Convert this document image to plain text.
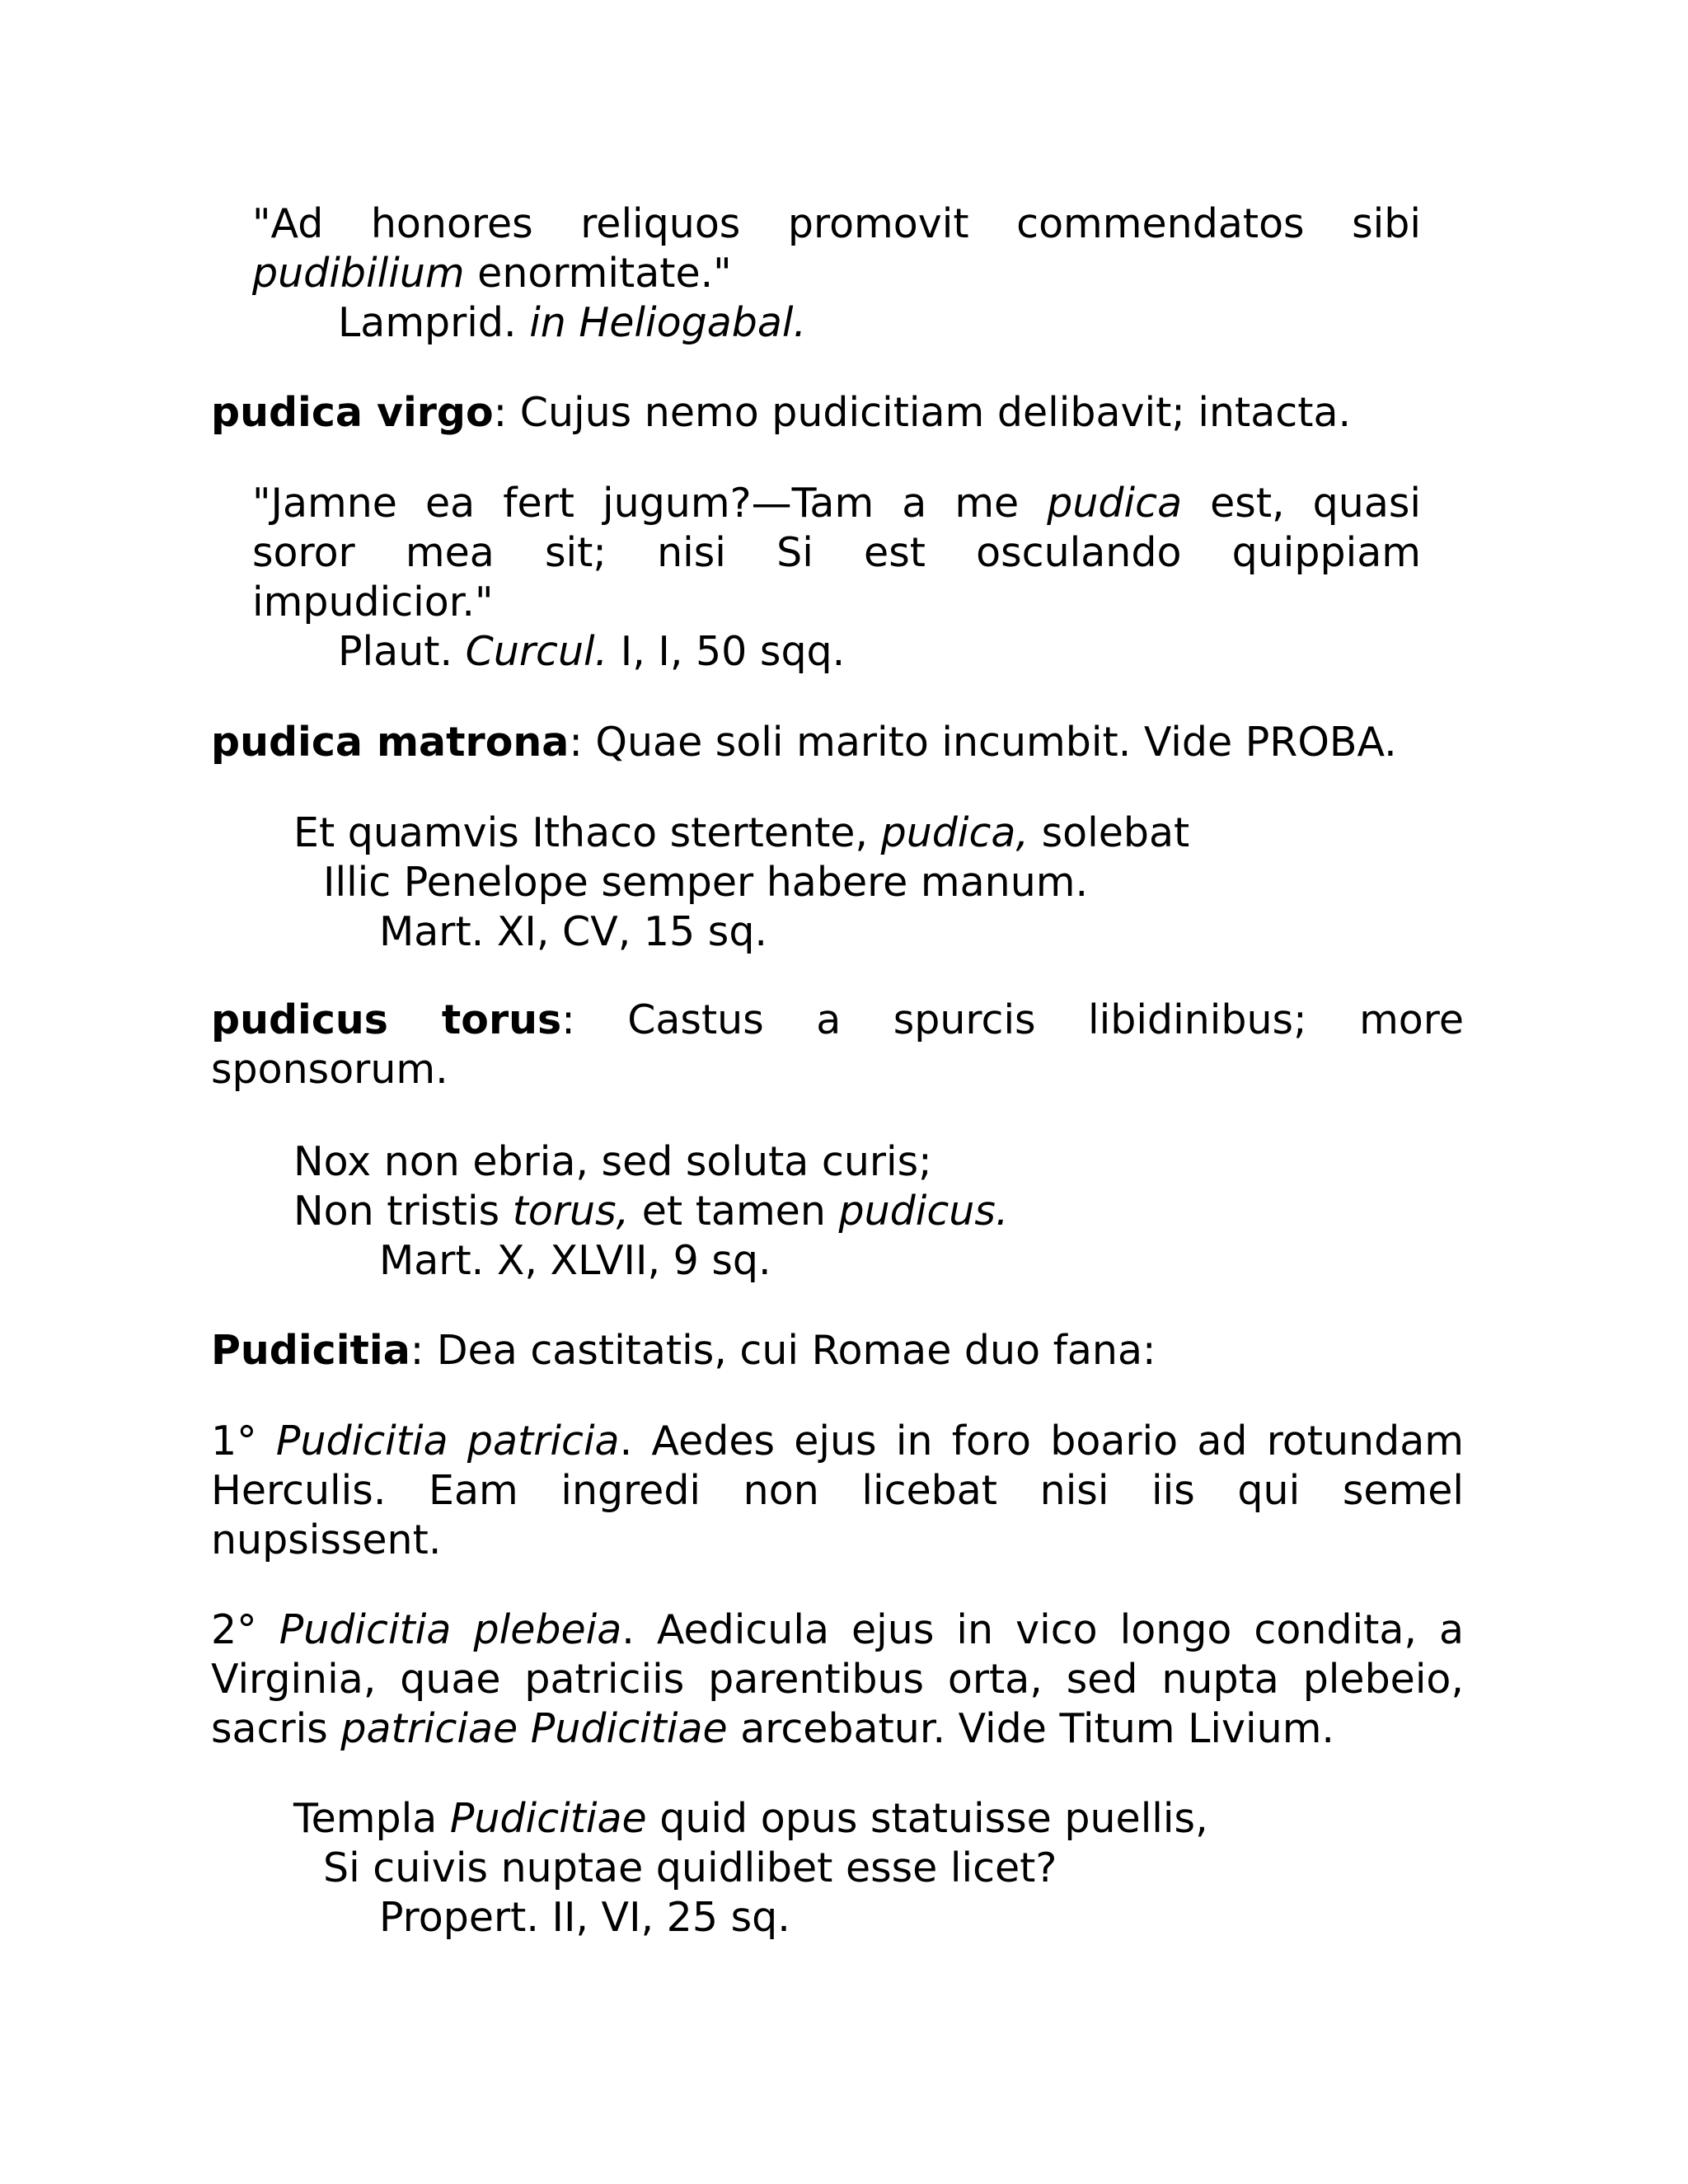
"Ad honores reliquos promovit commendatos sibi
pudibilium enormitate."
Lamprid. in Heliogabal.
pudica virgo: Cujus nemo pudicitiam delibavit; intacta.
"Jamne ea fert jugum?—Tam a me pudica est, quasi
soror mea sit; nisi Si est osculando quippiam
impudicior."
Plaut. Curcul. I, I, 50 sqq.
pudica matrona: Quae soli marito incumbit. Vide PROBA.
Et quamvis Ithaco stertente, pudica, solebat
Illic Penelope semper habere manum.
Mart. XI, CV, 15 sq.
pudicus torus: Castus a spurcis libidinibus; more
sponsorum.
Nox non ebria, sed soluta curis;
Non tristis torus, et tamen pudicus.
Mart. X, XLVII, 9 sq.
Pudicitia: Dea castitatis, cui Romae duo fana:
1° Pudicitia patricia. Aedes ejus in foro boario ad rotundam
Herculis. Eam ingredi non licebat nisi iis qui semel
nupsissent.
2° Pudicitia plebeia. Aedicula ejus in vico longo condita, a
Virginia, quae patriciis parentibus orta, sed nupta plebeio,
sacris patriciae Pudicitiae arcebatur. Vide Titum Livium.
Templa Pudicitiae quid opus statuisse puellis,
Si cuivis nuptae quidlibet esse licet?
Propert. II, VI, 25 sq.
